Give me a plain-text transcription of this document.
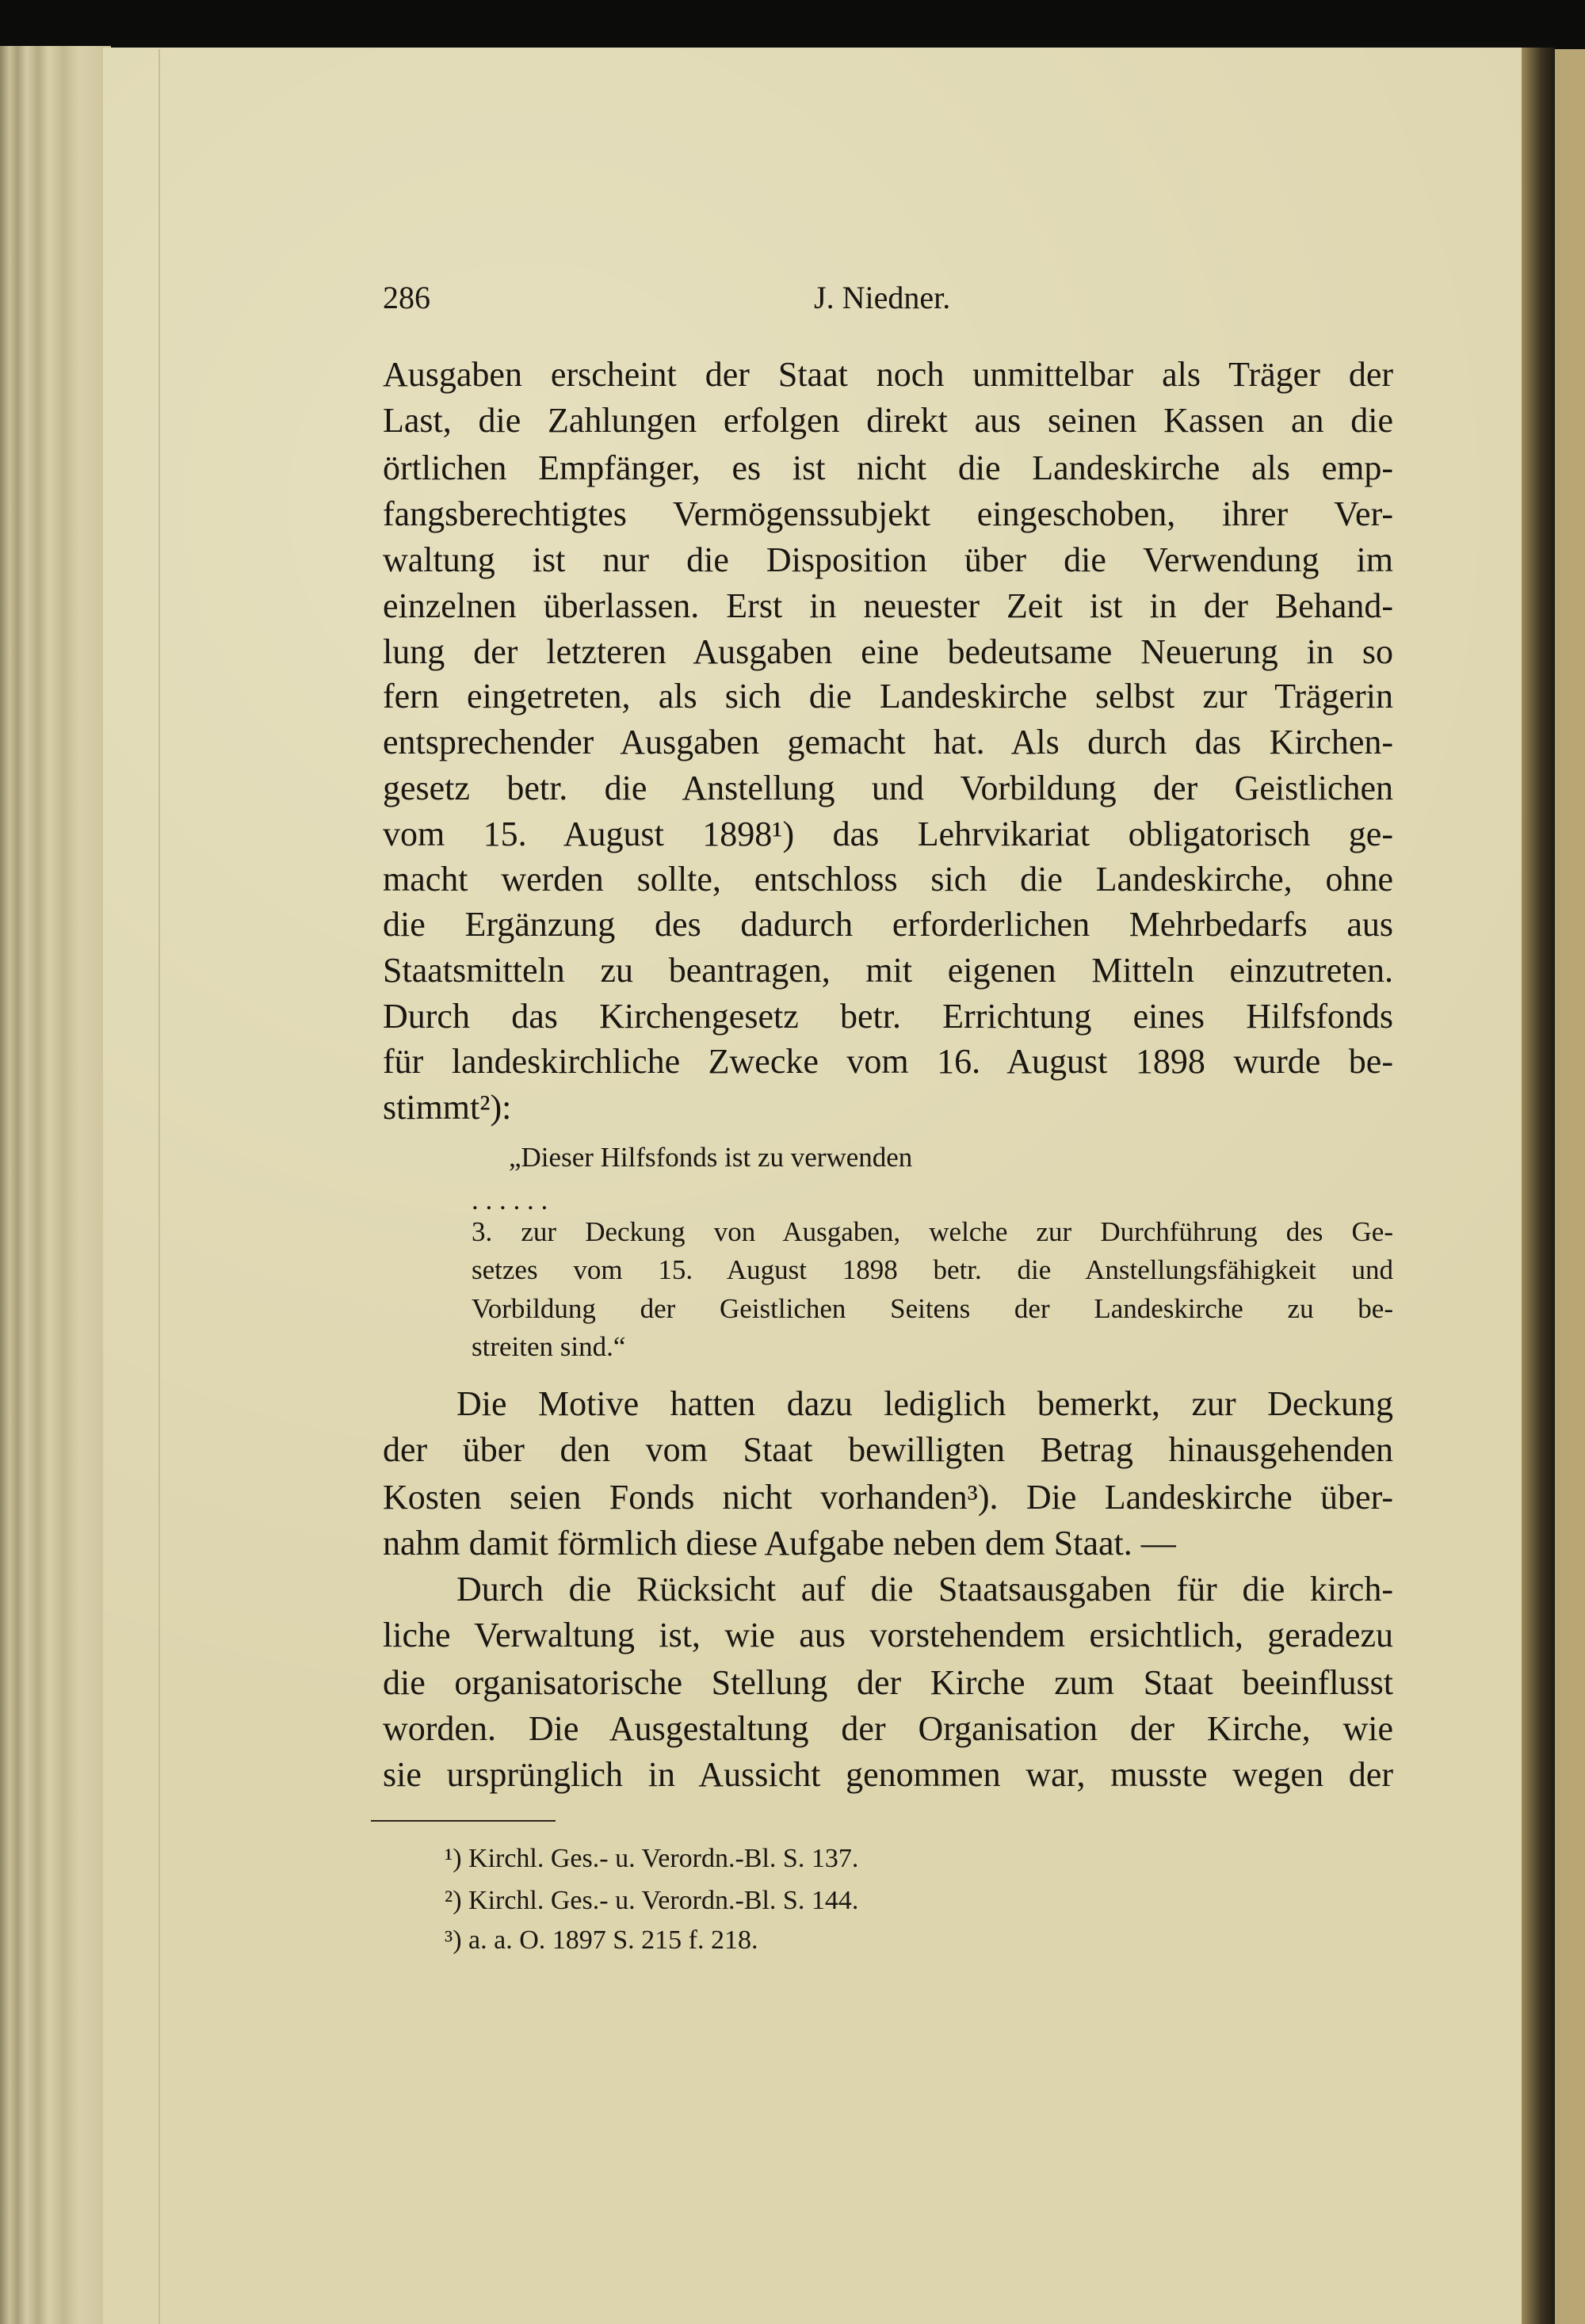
286	J. Niedner.
Ausgaben erscheint der Staat noch unmittelbar als Träger der
Last, die Zahlungen erfolgen direkt aus seinen Kassen an die
örtlichen Empfänger, es ist nicht die Landeskirche als emp-
fangsberechtigtes Vermögenssubjekt eingeschoben, ihrer Ver-
waltung ist nur die Disposition über die Verwendung im
einzelnen überlassen. Erst in neuester Zeit ist in der Behand-
lung der letzteren Ausgaben eine bedeutsame Neuerung in so
fern eingetreten, als sich die Landeskirche selbst zur Trägerin
entsprechender Ausgaben gemacht hat. Als durch das Kirchen-
gesetz betr. die Anstellung und Vorbildung der Geistlichen
vom 15. August 1898¹) das Lehrvikariat obligatorisch ge-
macht werden sollte, entschloss sich die Landeskirche, ohne
die Ergänzung des dadurch erforderlichen Mehrbedarfs aus
Staatsmitteln zu beantragen, mit eigenen Mitteln einzutreten.
Durch das Kirchengesetz betr. Errichtung eines Hilfsfonds
für landeskirchliche Zwecke vom 16. August 1898 wurde be-
stimmt²):
„Dieser Hilfsfonds ist zu verwenden
. . . . . .
3. zur Deckung von Ausgaben, welche zur Durchführung des Ge-
setzes vom 15. August 1898 betr. die Anstellungsfähigkeit und
Vorbildung der Geistlichen Seitens der Landeskirche zu be-
streiten sind.“
Die Motive hatten dazu lediglich bemerkt, zur Deckung
der über den vom Staat bewilligten Betrag hinausgehenden
Kosten seien Fonds nicht vorhanden³). Die Landeskirche über-
nahm damit förmlich diese Aufgabe neben dem Staat. —
Durch die Rücksicht auf die Staatsausgaben für die kirch-
liche Verwaltung ist, wie aus vorstehendem ersichtlich, geradezu
die organisatorische Stellung der Kirche zum Staat beeinflusst
worden. Die Ausgestaltung der Organisation der Kirche, wie
sie ursprünglich in Aussicht genommen war, musste wegen der
¹) Kirchl. Ges.- u. Verordn.-Bl. S. 137.
²) Kirchl. Ges.- u. Verordn.-Bl. S. 144.
³) a. a. O. 1897 S. 215 f. 218.
